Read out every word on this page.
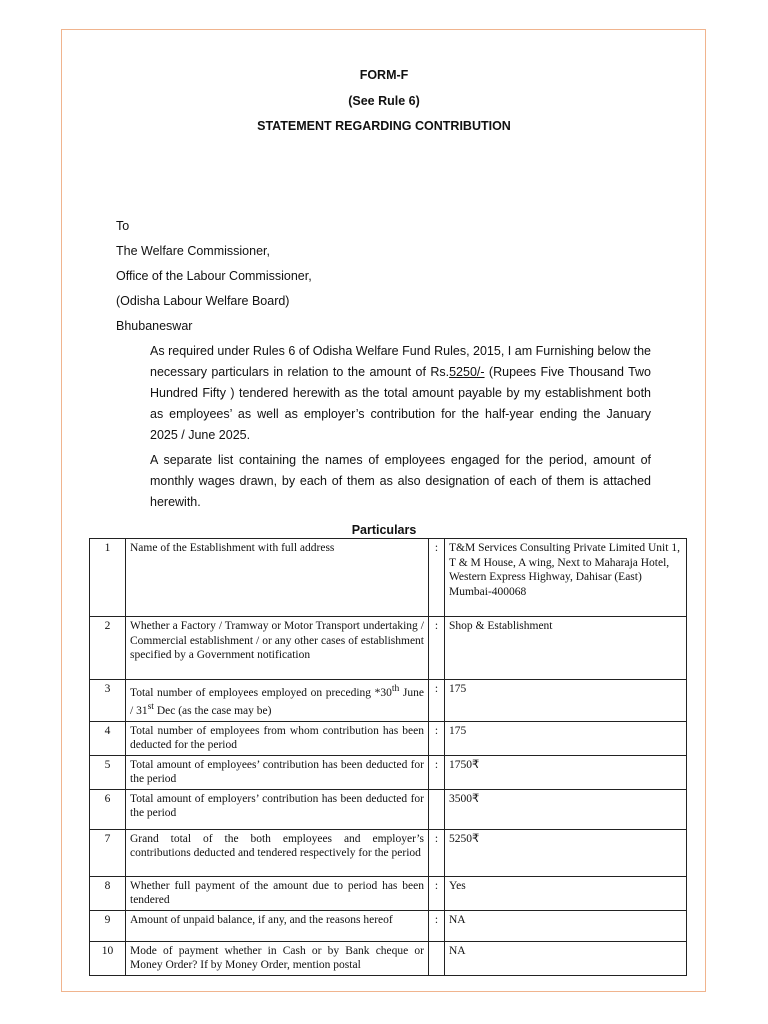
FORM-F
(See Rule 6)
STATEMENT REGARDING CONTRIBUTION
To
The Welfare Commissioner,
Office of the Labour Commissioner,
(Odisha Labour Welfare Board)
Bhubaneswar
As required under Rules 6 of Odisha Welfare Fund Rules, 2015, I am Furnishing below the necessary particulars in relation to the amount of Rs.5250/- (Rupees Five Thousand Two Hundred Fifty ) tendered herewith as the total amount payable by my establishment both as employees’ as well as employer’s contribution for the half-year ending the January 2025 / June 2025.
A separate list containing the names of employees engaged for the period, amount of monthly wages drawn, by each of them as also designation of each of them is attached herewith.
Particulars
1	Name of the Establishment with full address	:	T&M Services Consulting Private Limited Unit 1, T & M House, A wing, Next to Maharaja Hotel, Western Express Highway, Dahisar (East) Mumbai-400068
2	Whether a Factory / Tramway or Motor Transport undertaking / Commercial establishment / or any other cases of establishment specified by a Government notification	:	Shop & Establishment
3	Total number of employees employed on preceding *30th June / 31st Dec (as the case may be)	:	175
4	Total number of employees from whom contribution has been deducted for the period	:	175
5	Total amount of employees’ contribution has been deducted for the period	:	1750₹
6	Total amount of employers’ contribution has been deducted for the period		3500₹
7	Grand total of the both employees and employer’s contributions deducted and tendered respectively for the period	:	5250₹
8	Whether full payment of the amount due to period has been tendered	:	Yes
9	Amount of unpaid balance, if any, and the reasons hereof	:	NA
10	Mode of payment whether in Cash or by Bank cheque or Money Order? If by Money Order, mention postal		NA
